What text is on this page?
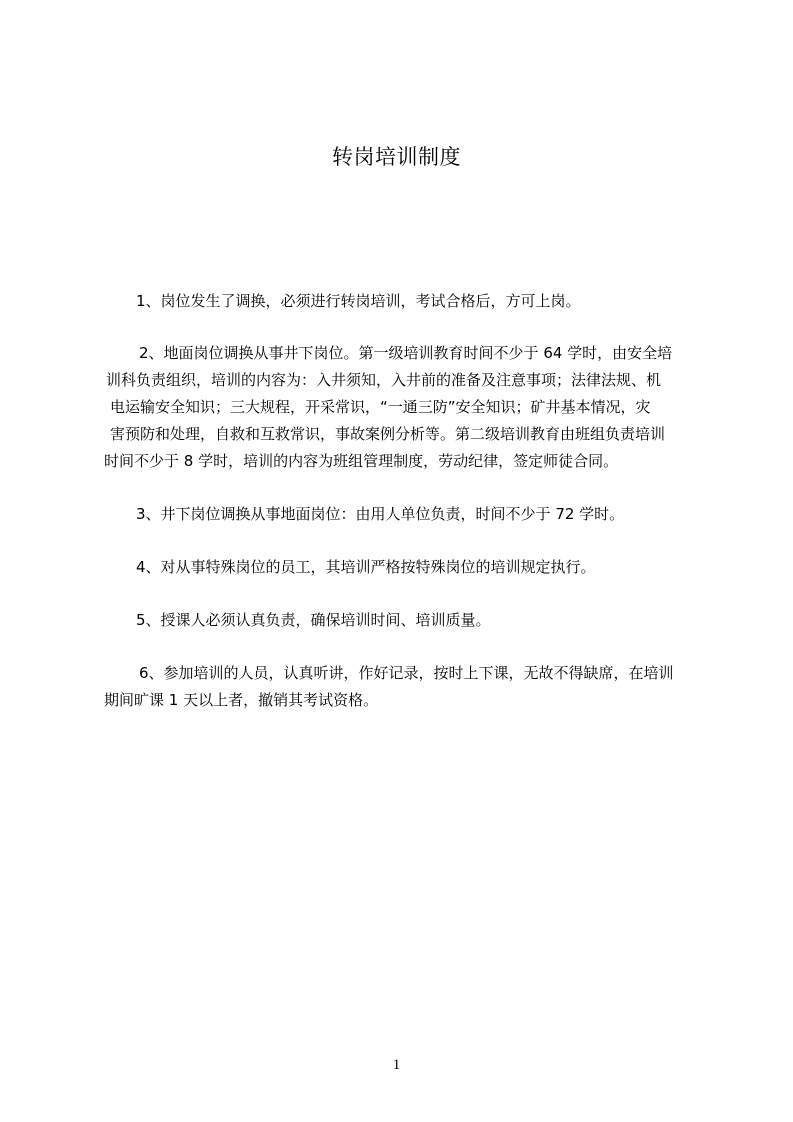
转岗培训制度
1、岗位发生了调换，必须进行转岗培训，考试合格后，方可上岗。
2、地面岗位调换从事井下岗位。第一级培训教育时间不少于 64 学时，由安全培
训科负责组织，培训的内容为：入井须知，入井前的准备及注意事项；法律法规、机
电运输安全知识；三大规程，开采常识，“一通三防”安全知识；矿井基本情况，灾
害预防和处理，自救和互救常识，事故案例分析等。第二级培训教育由班组负责培训
时间不少于 8 学时，培训的内容为班组管理制度，劳动纪律，签定师徒合同。
3、井下岗位调换从事地面岗位：由用人单位负责，时间不少于 72 学时。
4、对从事特殊岗位的员工，其培训严格按特殊岗位的培训规定执行。
5、授课人必须认真负责，确保培训时间、培训质量。
6、参加培训的人员，认真听讲，作好记录，按时上下课，无故不得缺席，在培训
期间旷课 1 天以上者，撤销其考试资格。
1
